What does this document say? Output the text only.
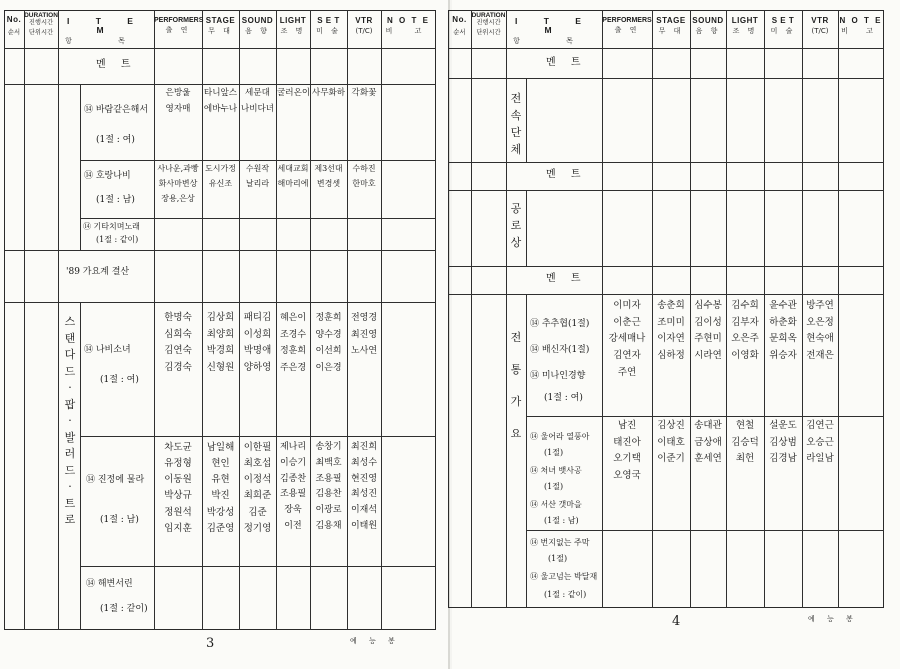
No.
순서
DURATION
진행시간
단위시간
I T E M
항 목
PERFORMERS
출 연
STAGE
무 대
SOUND
음 향
LIGHT
조 명
S E T
미 술
VTR
(T/C)
N O T E
비 고
멘 트
⑭ 바람같은해서
(1절 : 여)
은방울
영자매
타니앞스
에바누나
세문대
나비다녀
굴러온이 사무화하 각화꽃
⑭ 호랑나비
(1절 : 남)
사나운,과빵
화사마변상
장용,은상
도시가정
유신조

수원작
날리라
세대교회
해마리에
제3선대
변경셋
수하진
한마호
⑭ 기타치며노래
(1절 : 같이)
'89 가요계 결산
스
탠
다
드
·
팝
·
발
러
드
·
트
로
⑭ 나비소녀
(1절 : 여)
한명숙
심희숙
김연숙
김경숙
김상희
최양희
박경희
신형원
패티김
이성희
박명애
양하영
혜은이
조경수
정훈희
주은경
정훈희
양수경
이선희
이은경
전영경
최진영
노사연
⑭ 진정에 물라
(1절 : 남)
차도균
유정형
이동원
박상규
정원석
임지훈
남일해
현인
유현
박진
박강성
김준영
이한필
최호섭
이정석
최희준
김준
정기영
제나리
이승기
김종찬
조용필
장욱
이전
송창기
최백호
조용필
김용찬
이광로
김용채
최진희
최성수
현진영
최성진
이재석
이태원
⑭ 해변서린
(1절 : 같이)
3	예 능 봉
No.
순서
DURATION
진행시간
단위시간
I T E M
항 목
PERFORMERS
출 연
STAGE
무 대
SOUND
음 향
LIGHT
조 명
S E T
미 술
VTR
(T/C)
N O T E
비 고
멘 트
전
속
단
체
멘 트
공
로
상
멘 트
전

통

가

요
⑭ 추추협(1절)
⑭ 배신자(1절)
⑭ 미나인경향
(1절 : 여)
이미자
이춘근
강세매나
김연자
주연
송춘희
조미미
이자연
심하정
심수봉
김이성
주현미
시라연
김수희
김부자
오은주
이영화
윤수관
하춘화
문희옥
위승자
방주연
오은정
현숙애
전재은
⑭ 울어라 열풍아
(1절)
⑭ 처녀 뱃사공
(1절)
⑭ 서산 갯마을
(1절 : 남)
남진
태진아
오기택
오영국
김상진
이태호
이준기
송대관
금상애
훈세연
현철
김승덕
최헌
설운도
김상범
김경남
김연근
오승근
라일남
⑭ 번지없는 주막
(1절)
⑭ 울고넘는 박달재
(1절 : 같이)
4	예 능 봉
